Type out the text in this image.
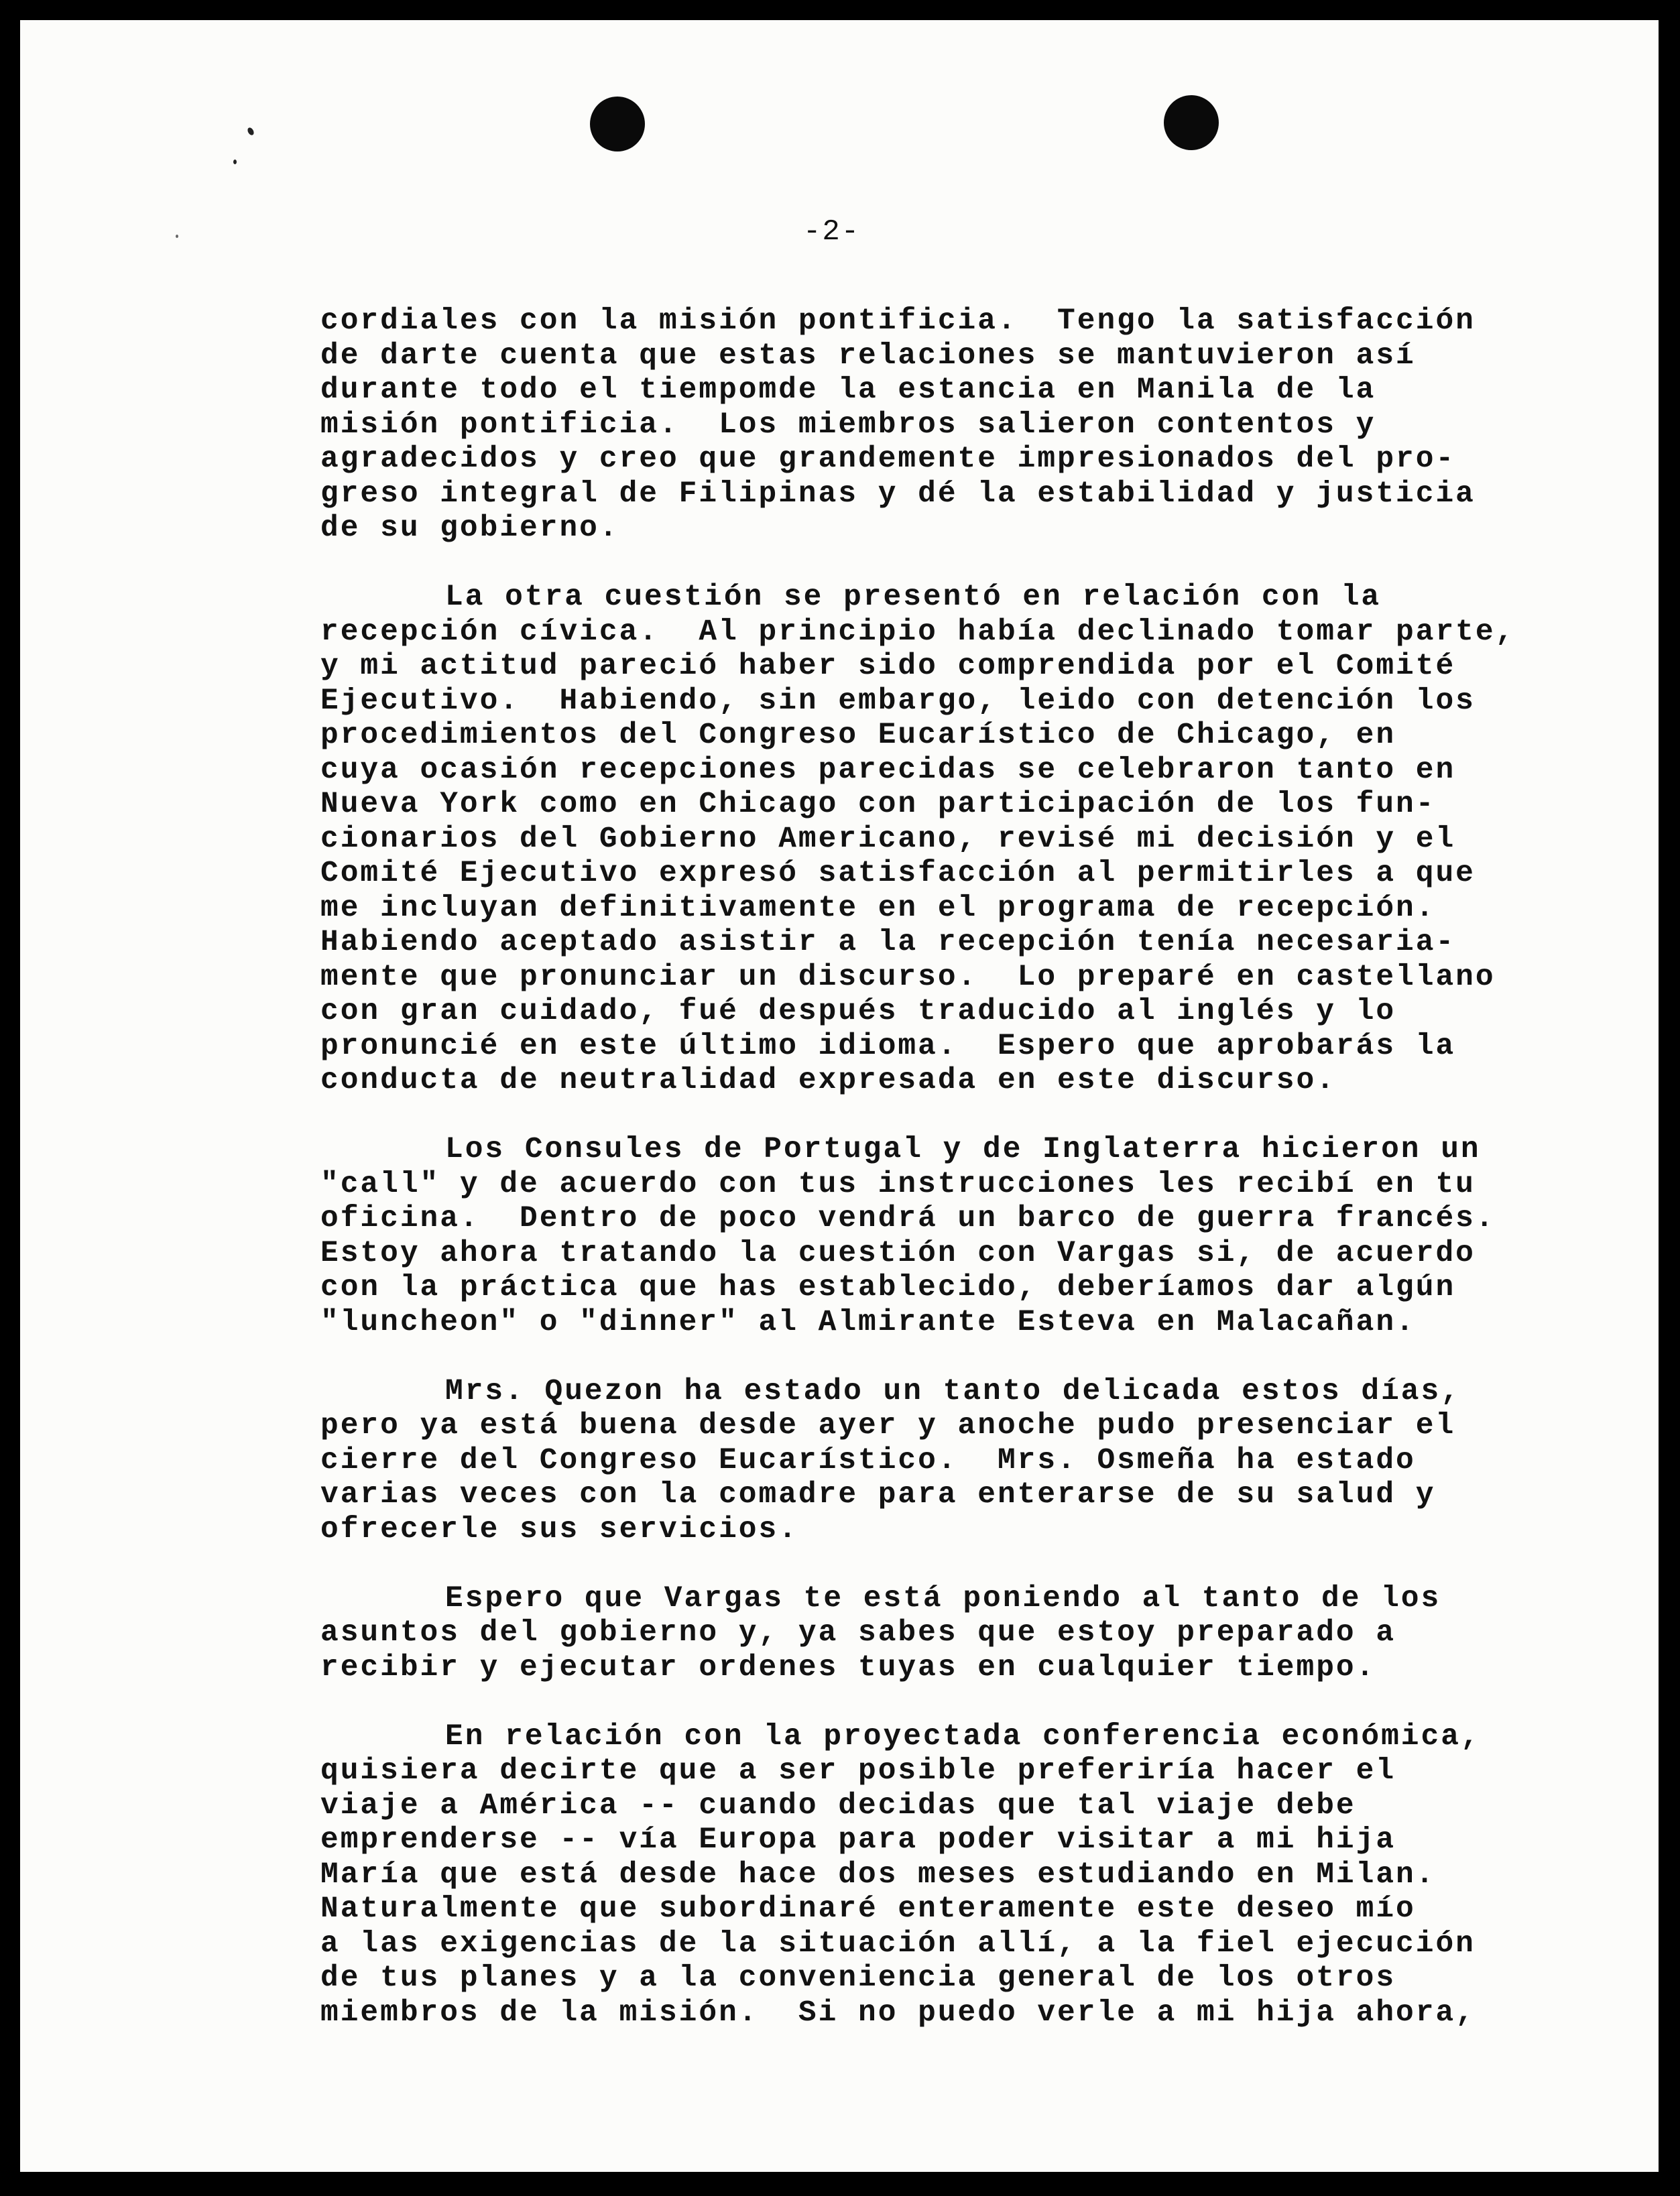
-2-
cordiales con la misión pontificia.  Tengo la satisfacción
de darte cuenta que estas relaciones se mantuvieron así
durante todo el tiempomde la estancia en Manila de la
misión pontificia.  Los miembros salieron contentos y
agradecidos y creo que grandemente impresionados del pro-
greso integral de Filipinas y dé la estabilidad y justicia
de su gobierno.
La otra cuestión se presentó en relación con la
recepción cívica.  Al principio había declinado tomar parte,
y mi actitud pareció haber sido comprendida por el Comité
Ejecutivo.  Habiendo, sin embargo, leido con detención los
procedimientos del Congreso Eucarístico de Chicago, en
cuya ocasión recepciones parecidas se celebraron tanto en
Nueva York como en Chicago con participación de los fun-
cionarios del Gobierno Americano, revisé mi decisión y el
Comité Ejecutivo expresó satisfacción al permitirles a que
me incluyan definitivamente en el programa de recepción.
Habiendo aceptado asistir a la recepción tenía necesaria-
mente que pronunciar un discurso.  Lo preparé en castellano
con gran cuidado, fué después traducido al inglés y lo
pronuncié en este último idioma.  Espero que aprobarás la
conducta de neutralidad expresada en este discurso.
Los Consules de Portugal y de Inglaterra hicieron un
"call" y de acuerdo con tus instrucciones les recibí en tu
oficina.  Dentro de poco vendrá un barco de guerra francés.
Estoy ahora tratando la cuestión con Vargas si, de acuerdo
con la práctica que has establecido, deberíamos dar algún
"luncheon" o "dinner" al Almirante Esteva en Malacañan.
Mrs. Quezon ha estado un tanto delicada estos días,
pero ya está buena desde ayer y anoche pudo presenciar el
cierre del Congreso Eucarístico.  Mrs. Osmeña ha estado
varias veces con la comadre para enterarse de su salud y
ofrecerle sus servicios.
Espero que Vargas te está poniendo al tanto de los
asuntos del gobierno y, ya sabes que estoy preparado a
recibir y ejecutar ordenes tuyas en cualquier tiempo.
En relación con la proyectada conferencia económica,
quisiera decirte que a ser posible preferiría hacer el
viaje a América -- cuando decidas que tal viaje debe
emprenderse -- vía Europa para poder visitar a mi hija
María que está desde hace dos meses estudiando en Milan.
Naturalmente que subordinaré enteramente este deseo mío
a las exigencias de la situación allí, a la fiel ejecución
de tus planes y a la conveniencia general de los otros
miembros de la misión.  Si no puedo verle a mi hija ahora,
